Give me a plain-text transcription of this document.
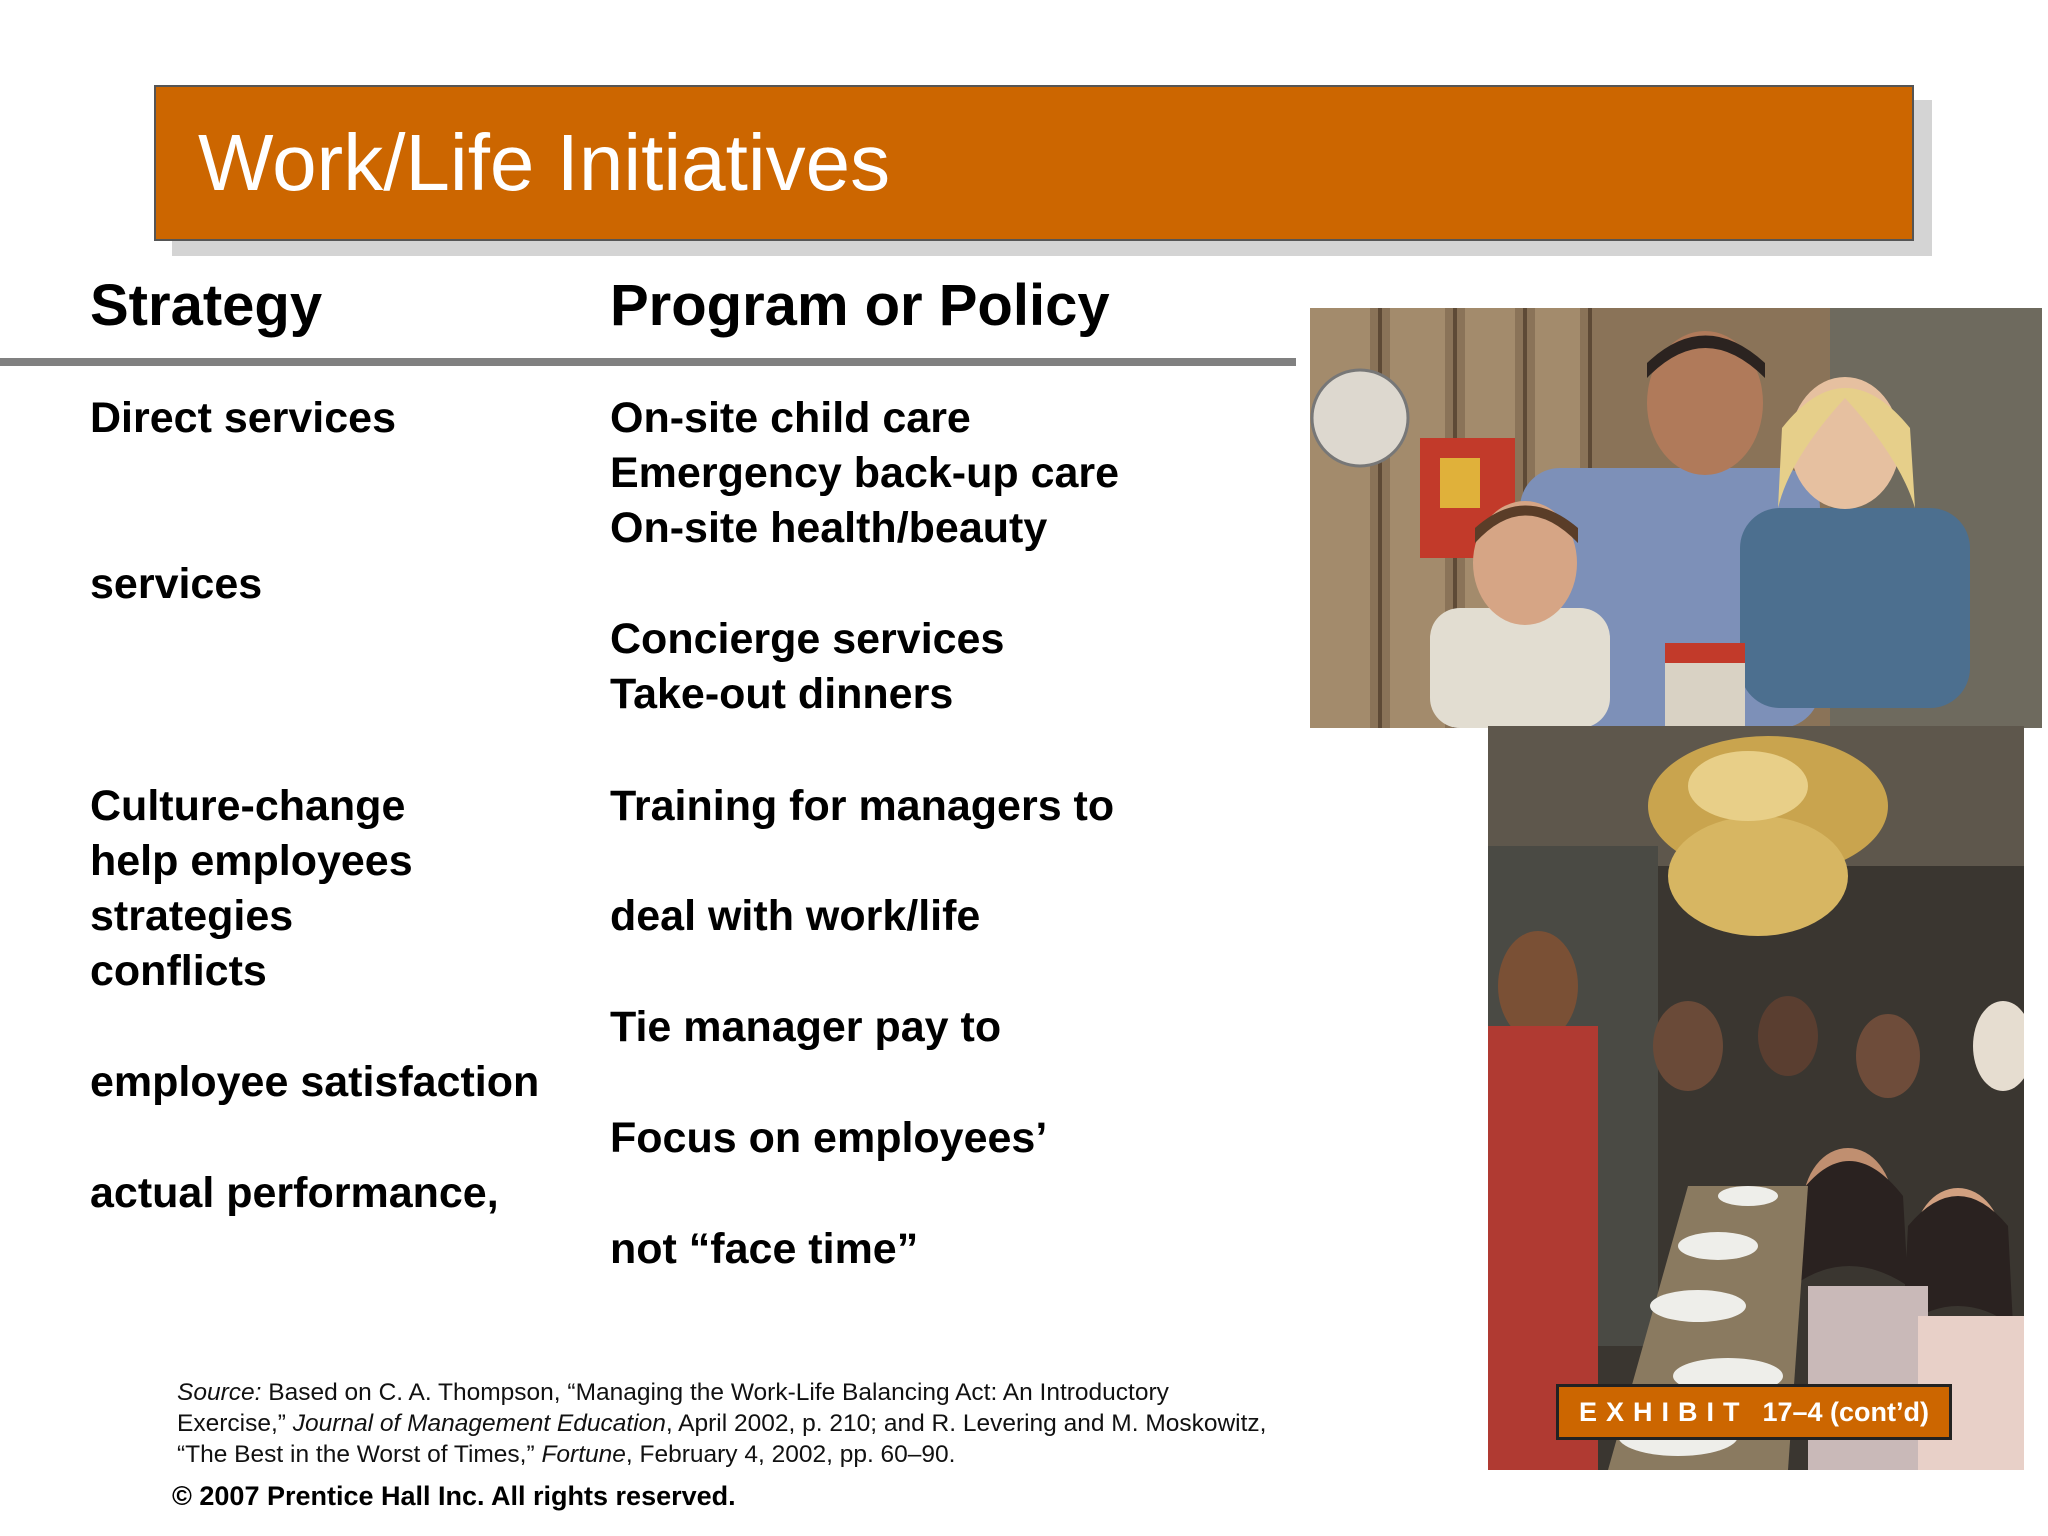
Work/Life Initiatives
Strategy	Program or Policy
Direct services
services
Culture-change
help employees
strategies
conflicts
employee satisfaction
actual performance,
On-site child care
Emergency back-up care
On-site health/beauty
Concierge services
Take-out dinners
Training for managers to
deal with work/life
Tie manager pay to
Focus on employees’
not “face time”
EXHIBIT 17–4 (cont’d)
Source: Based on C. A. Thompson, “Managing the Work-Life Balancing Act: An Introductory Exercise,” Journal of Management Education, April 2002, p. 210; and R. Levering and M. Moskowitz, “The Best in the Worst of Times,” Fortune, February 4, 2002, pp. 60–90.
© 2007 Prentice Hall Inc. All rights reserved.
